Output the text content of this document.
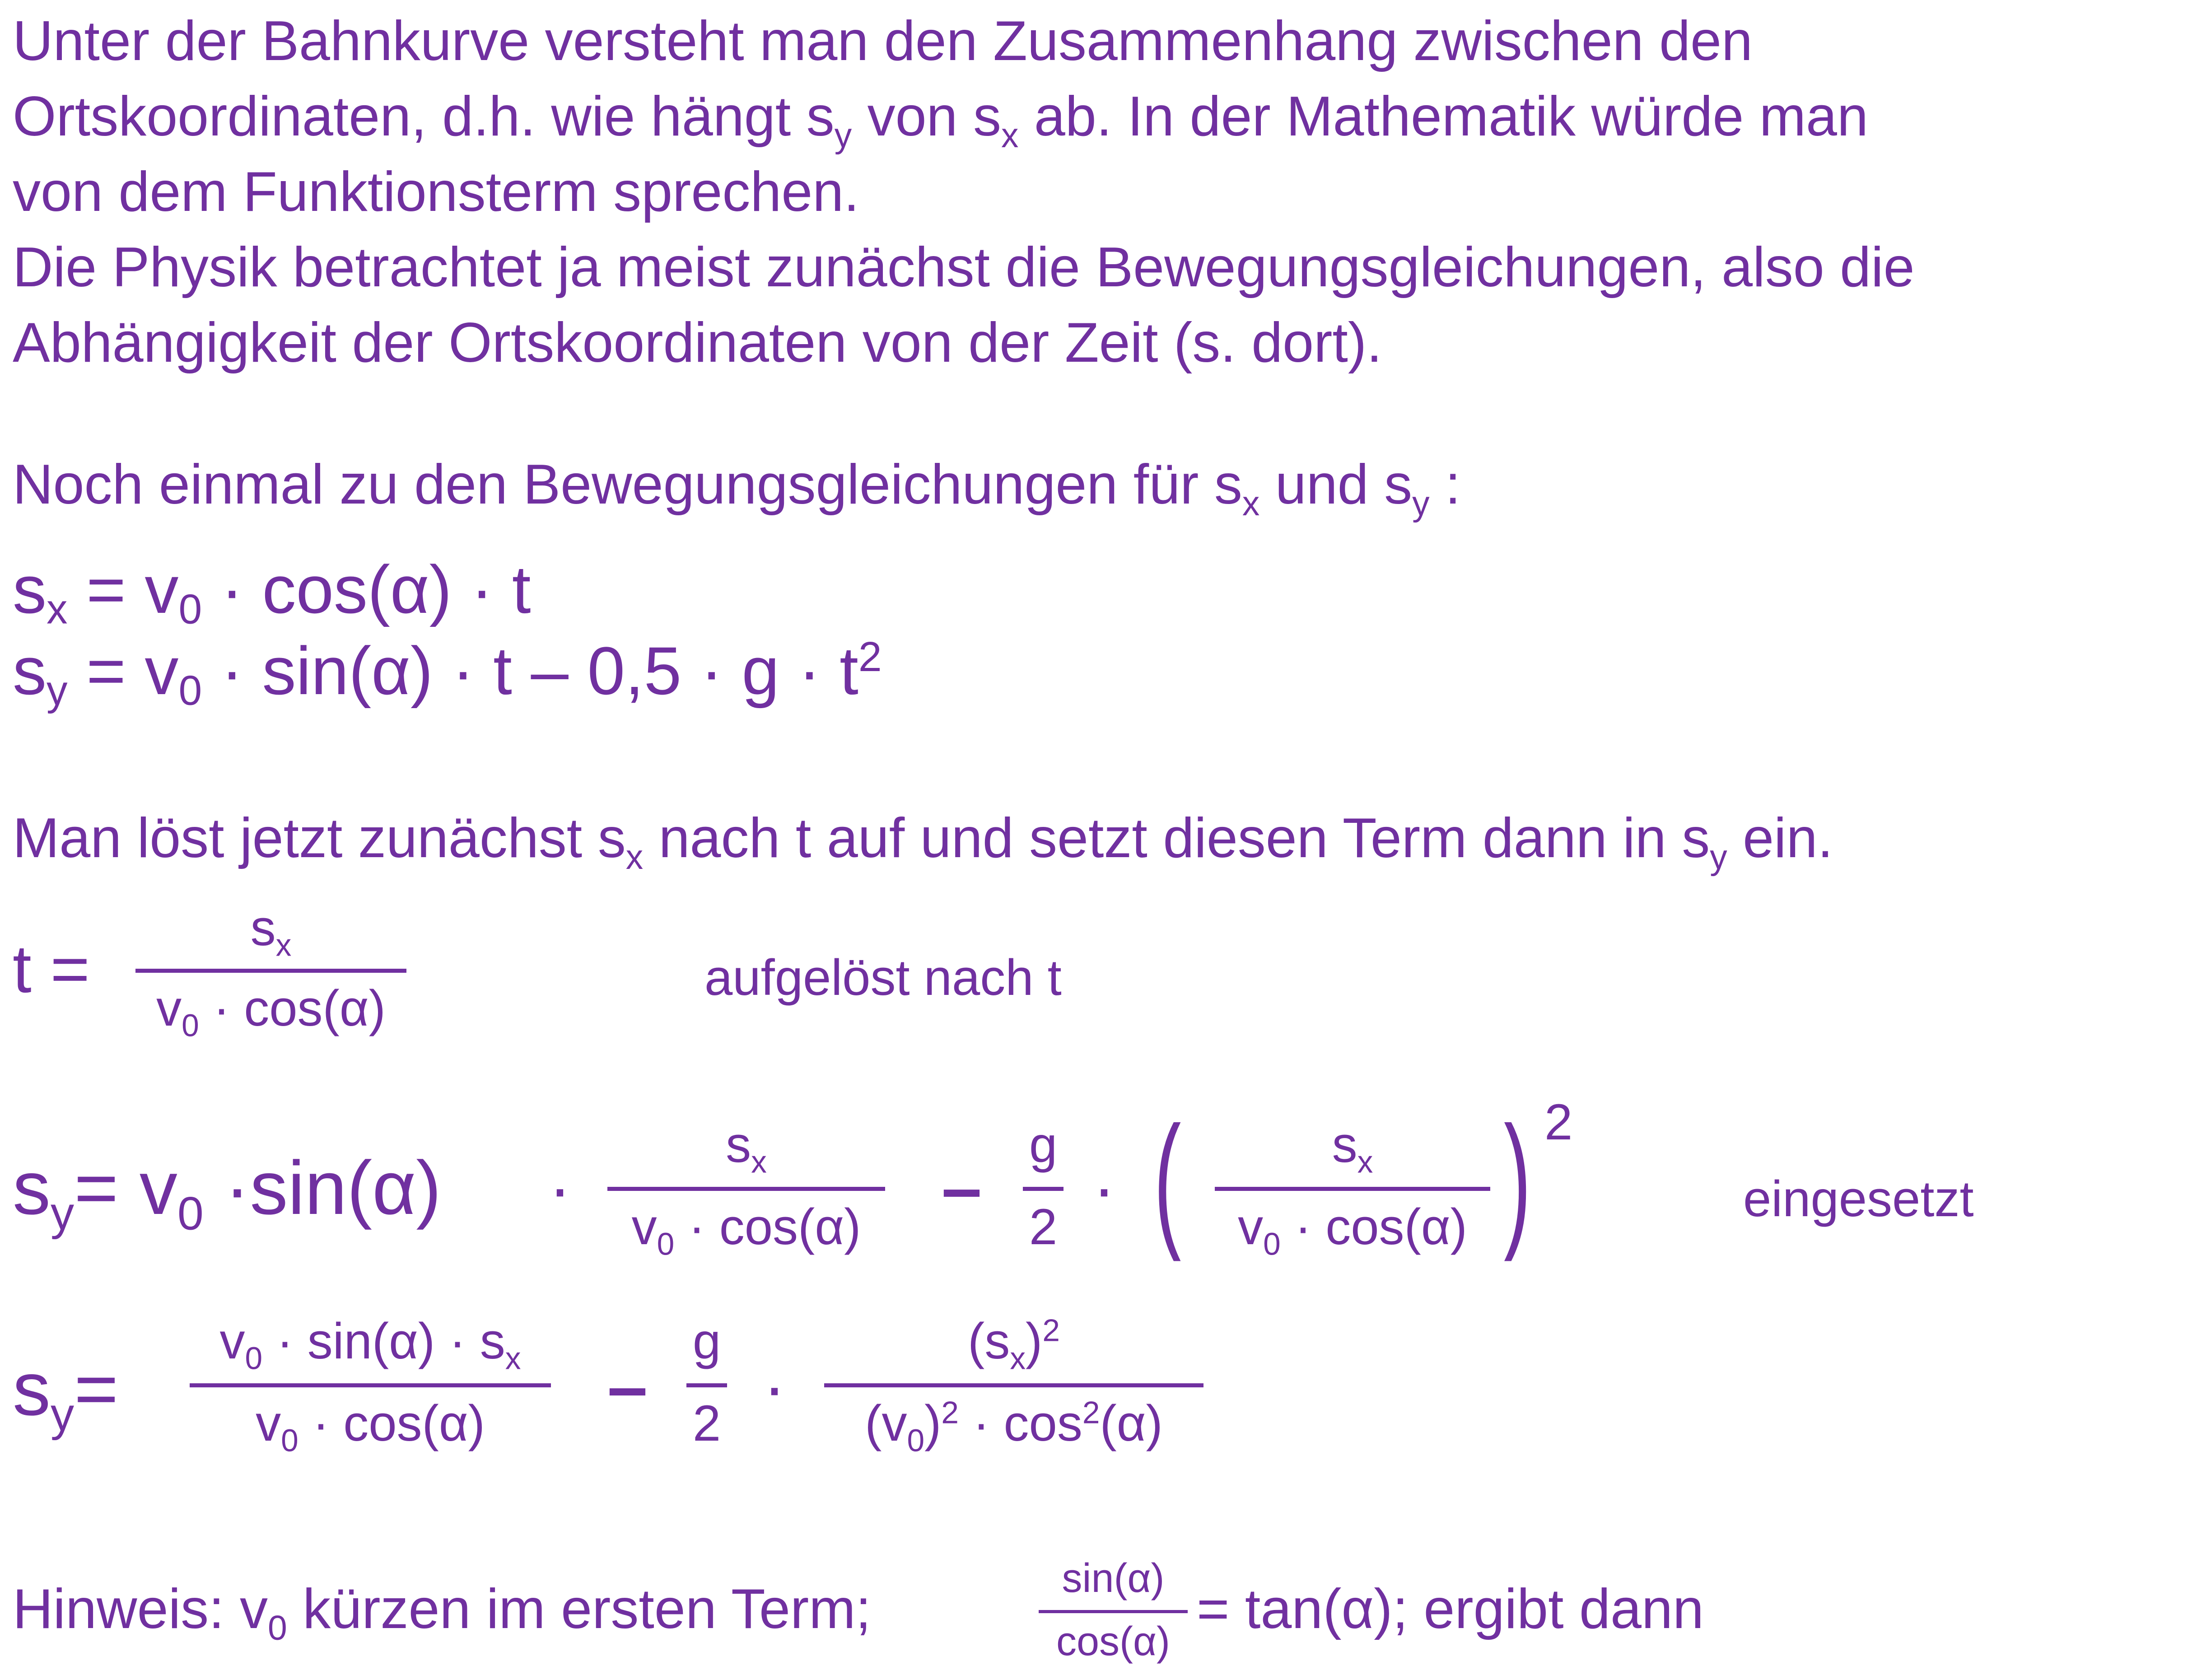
Unter der Bahnkurve versteht man den Zusammenhang zwischen den
Ortskoordinaten, d.h. wie hängt $s_y$ von $s_x$ ab. In der Mathematik würde man
von dem Funktionsterm sprechen.
Die Physik betrachtet ja meist zunächst die Bewegungsgleichungen, also die
Abhängigkeit der Ortskoordinaten von der Zeit (s. dort).
Noch einmal zu den Bewegungsgleichungen für $s_x$ und $s_y$ :
$s_x = v_0 \cdot \cos(\alpha) \cdot t$
$s_y = v_0 \cdot \sin(\alpha) \cdot t - 0,5 \cdot g \cdot t^2$
Man löst jetzt zunächst $s_x$ nach t auf und setzt diesen Term dann in $s_y$ ein.
t =
$s_x$
$v_0 \cdot \cos(\alpha)$
aufgelöst nach t
$s_y= v_0 \cdot\sin(\alpha)$ ·
$s_x$
$v_0 \cdot \cos(\alpha)$	–
g
2
· (	$s_x$
$v_0 \cdot \cos(\alpha)$ ) 2
eingesetzt
$s_y=$
$v_0 \cdot \sin(\alpha) \cdot s_x$
$v_0 \cdot \cos(\alpha)$	–
g
2 ·
$(s_x)^2$
$(v_0)^2 \cdot \cos^2(\alpha)$
Hinweis: $v_0$ kürzen im ersten Term;	sin(α)
cos(α)
= tan(α); ergibt dann
